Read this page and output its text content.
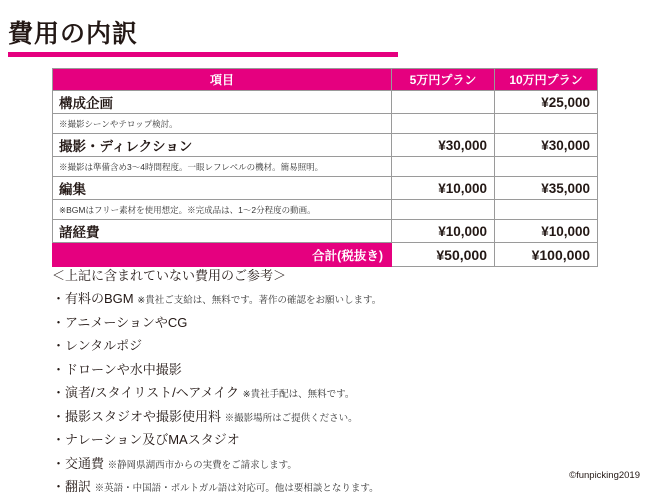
費用の内訳
項目	5万円プラン	10万円プラン
構成企画		¥25,000
※撮影シーンやテロップ検討。		
撮影・ディレクション	¥30,000	¥30,000
※撮影は準備含め3〜4時間程度。一眼レフレベルの機材。簡易照明。		
編集	¥10,000	¥35,000
※BGMはフリー素材を使用想定。※完成品は、1〜2分程度の動画。		
諸経費	¥10,000	¥10,000
合計(税抜き)	¥50,000	¥100,000
＜上記に含まれていない費用のご参考＞
・有料のBGM ※貴社ご支給は、無料です。著作の確認をお願いします。
・アニメーションやCG
・レンタルポジ
・ドローンや水中撮影
・演者/スタイリスト/ヘアメイク ※貴社手配は、無料です。
・撮影スタジオや撮影使用料 ※撮影場所はご提供ください。
・ナレーション及びMAスタジオ
・交通費 ※静岡県湖西市からの実費をご請求します。
・翻訳 ※英語・中国語・ポルトガル語は対応可。他は要相談となります。
©funpicking2019
